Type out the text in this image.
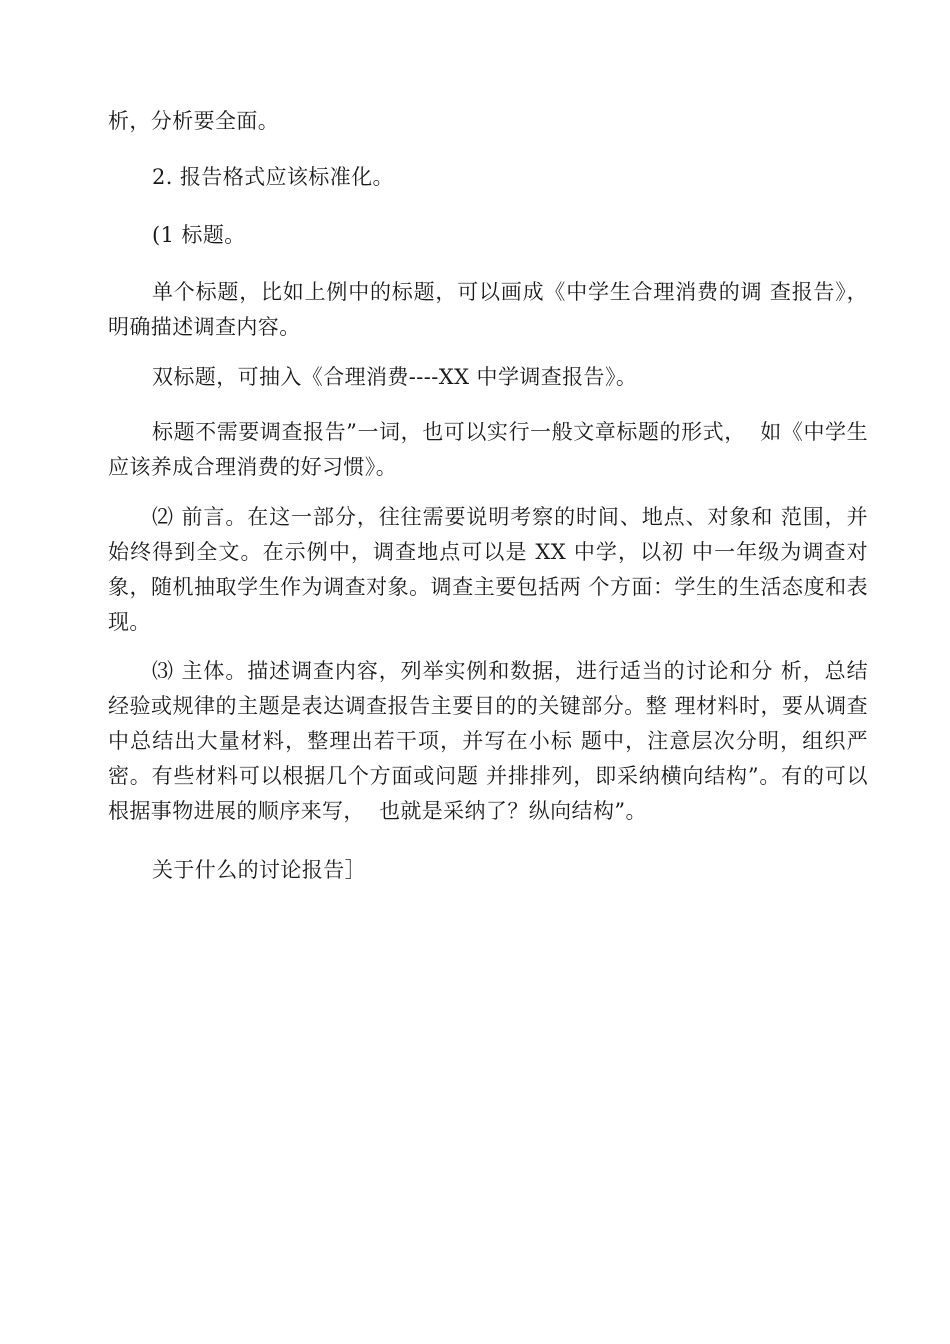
析，分析要全面。

2. 报告格式应该标准化。

(1 标题。

单个标题，比如上例中的标题，可以画成《中学生合理消费的调 查报告》，明确描述调查内容。

双标题，可抽入《合理消费----XX 中学调查报告》。

标题不需要调查报告”一词，也可以实行一般文章标题的形式，  如《中学生应该养成合理消费的好习惯》。

⑵ 前言。在这一部分，往往需要说明考察的时间、地点、对象和 范围，并始终得到全文。在示例中，调查地点可以是 XX 中学，以初 中一年级为调查对象，随机抽取学生作为调查对象。调查主要包括两 个方面：学生的生活态度和表现。

⑶ 主体。描述调查内容，列举实例和数据，进行适当的讨论和分 析，总结经验或规律的主题是表达调查报告主要目的的关键部分。整 理材料时，要从调查中总结出大量材料，整理出若干项，并写在小标 题中，注意层次分明，组织严密。有些材料可以根据几个方面或问题 并排排列，即采纳横向结构”。有的可以根据事物进展的顺序来写，  也就是采纳了？纵向结构”。

关于什么的讨论报告］
